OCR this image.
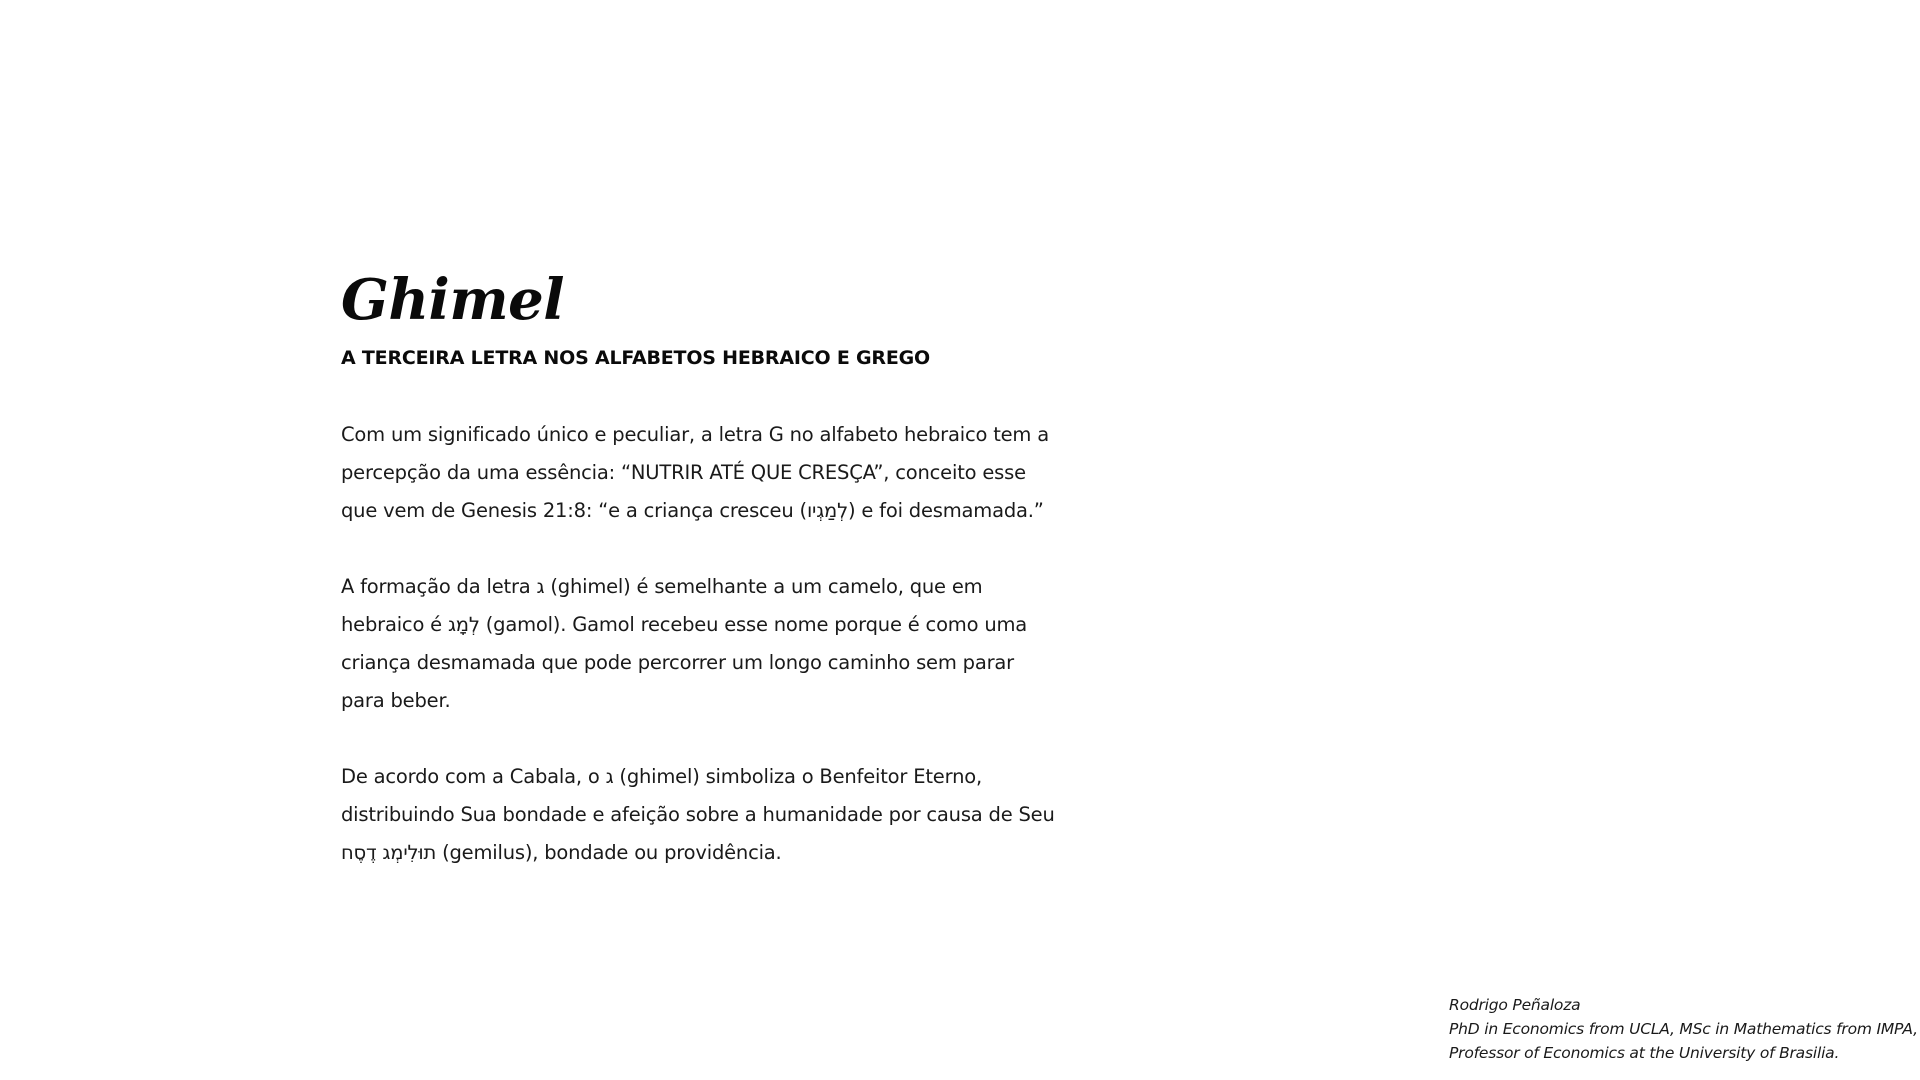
Ghimel
A TERCEIRA LETRA NOS ALFABETOS HEBRAICO E GREGO

Com um significado único e peculiar, a letra G no alfabeto hebraico tem a percepção da uma essência: “NUTRIR ATÉ QUE CRESÇA”, conceito esse que vem de Genesis 21:8: “e a criança cresceu (לְמַגְיו) e foi desmamada.”

A formação da letra ג (ghimel) é semelhante a um camelo, que em hebraico é לְמָג (gamol). Gamol recebeu esse nome porque é como uma criança desmamada que pode percorrer um longo caminho sem parar para beber.

De acordo com a Cabala, o ג (ghimel) simboliza o Benfeitor Eterno, distribuindo Sua bondade e afeição sobre a humanidade por causa de Seu תוּלִימְג דֶסֶח (gemilus), bondade ou providência.

Rodrigo Peñaloza
PhD in Economics from UCLA, MSc in Mathematics from IMPA,
Professor of Economics at the University of Brasilia.
